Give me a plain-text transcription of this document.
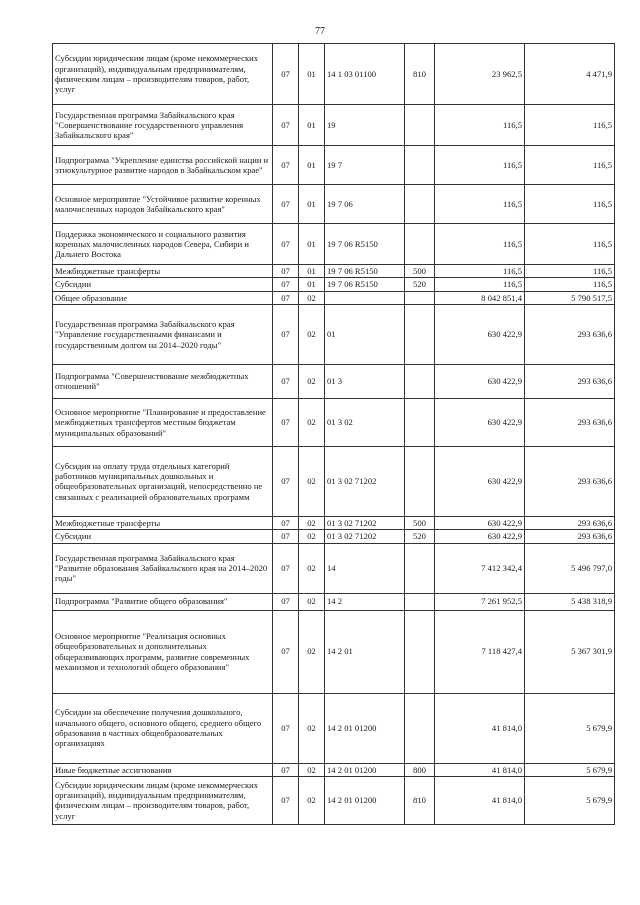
77
Субсидии юридическим лицам (кроме некоммерческих организаций), индивидуальным предпринимателям, физическим лицам – производителям товаров, работ, услуг	07	01	14 1 03 01100	810	23 962,5	4 471,9
Государственная программа Забайкальского края "Совершенствование государственного управления Забайкальского края"	07	01	19		116,5	116,5
Подпрограмма "Укрепление единства российской нации и этнокультурное развитие народов в Забайкальском крае"	07	01	19 7		116,5	116,5
Основное мероприятие "Устойчивое развитие коренных малочисленных народов Забайкальского края"	07	01	19 7 06		116,5	116,5
Поддержка экономического и социального развития коренных малочисленных народов Севера, Сибири и Дальнего Востока	07	01	19 7 06 R5150		116,5	116,5
Межбюджетные трансферты	07	01	19 7 06 R5150	500	116,5	116,5
Субсидии	07	01	19 7 06 R5150	520	116,5	116,5
Общее образование	07	02			8 042 851,4	5 790 517,5
Государственная программа Забайкальского края "Управление государственными финансами и государственным долгом на 2014–2020 годы"	07	02	01		630 422,9	293 636,6
Подпрограмма "Совершенствование межбюджетных отношений"	07	02	01 3		630 422,9	293 636,6
Основное мероприятие "Планирование и предоставление межбюджетных трансфертов местным бюджетам муниципальных образований"	07	02	01 3 02		630 422,9	293 636,6
Субсидия на оплату труда отдельных категорий работников муниципальных дошкольных и общеобразовательных организаций, непосредственно не связанных с реализацией образовательных программ	07	02	01 3 02 71202		630 422,9	293 636,6
Межбюджетные трансферты	07	02	01 3 02 71202	500	630 422,9	293 636,6
Субсидии	07	02	01 3 02 71202	520	630 422,9	293 636,6
Государственная программа Забайкальского края "Развитие образования Забайкальского края на 2014–2020 годы"	07	02	14		7 412 342,4	5 496 797,0
Подпрограмма "Развитие общего образования"	07	02	14 2		7 261 952,5	5 438 318,9
Основное мероприятие "Реализация основных общеобразовательных и дополнительных общеразвивающих программ, развитие современных механизмов и технологий общего образования"	07	02	14 2 01		7 118 427,4	5 367 301,9
Субсидии на обеспечение получения дошкольного, начального общего, основного общего, среднего общего образования в частных общеобразовательных организациях	07	02	14 2 01 01200		41 814,0	5 679,9
Иные бюджетные ассигнования	07	02	14 2 01 01200	800	41 814,0	5 679,9
Субсидии юридическим лицам (кроме некоммерческих организаций), индивидуальным предпринимателям, физическим лицам – производителям товаров, работ, услуг	07	02	14 2 01 01200	810	41 814,0	5 679,9
